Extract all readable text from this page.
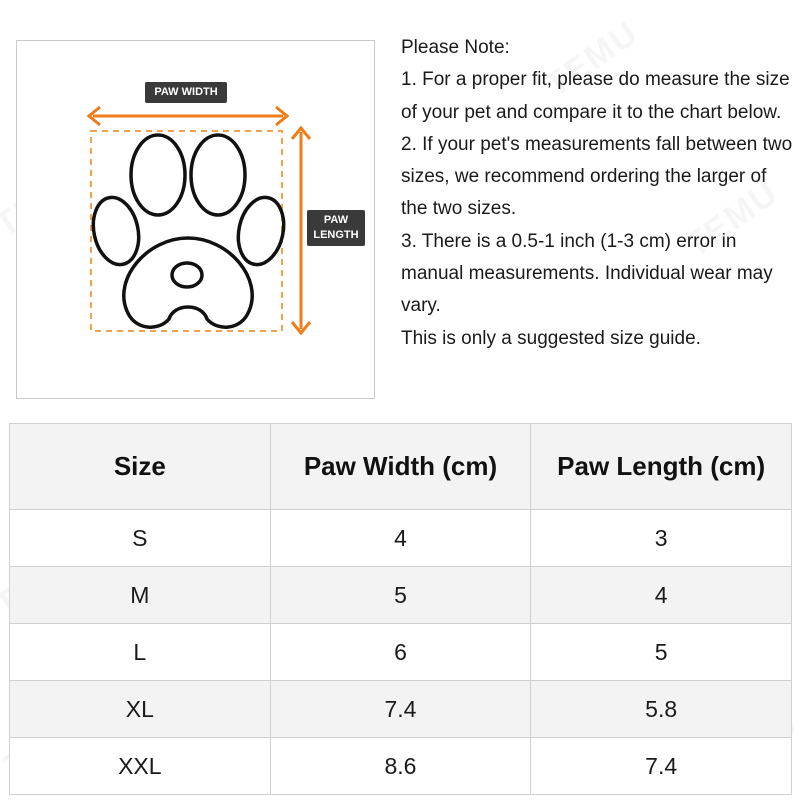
PAW WIDTH
PAW
LENGTH

Please Note:

1. For a proper fit, please do measure the size of your pet and compare it to the chart below.

2. If your pet's measurements fall between two sizes, we recommend ordering the larger of the two sizes.

3. There is a 0.5-1 inch (1-3 cm) error in manual measurements. Individual wear may vary.

This is only a suggested size guide.

Size	Paw Width (cm)	Paw Length (cm)
S	4	3
M	5	4
L	6	5
XL	7.4	5.8
XXL	8.6	7.4
